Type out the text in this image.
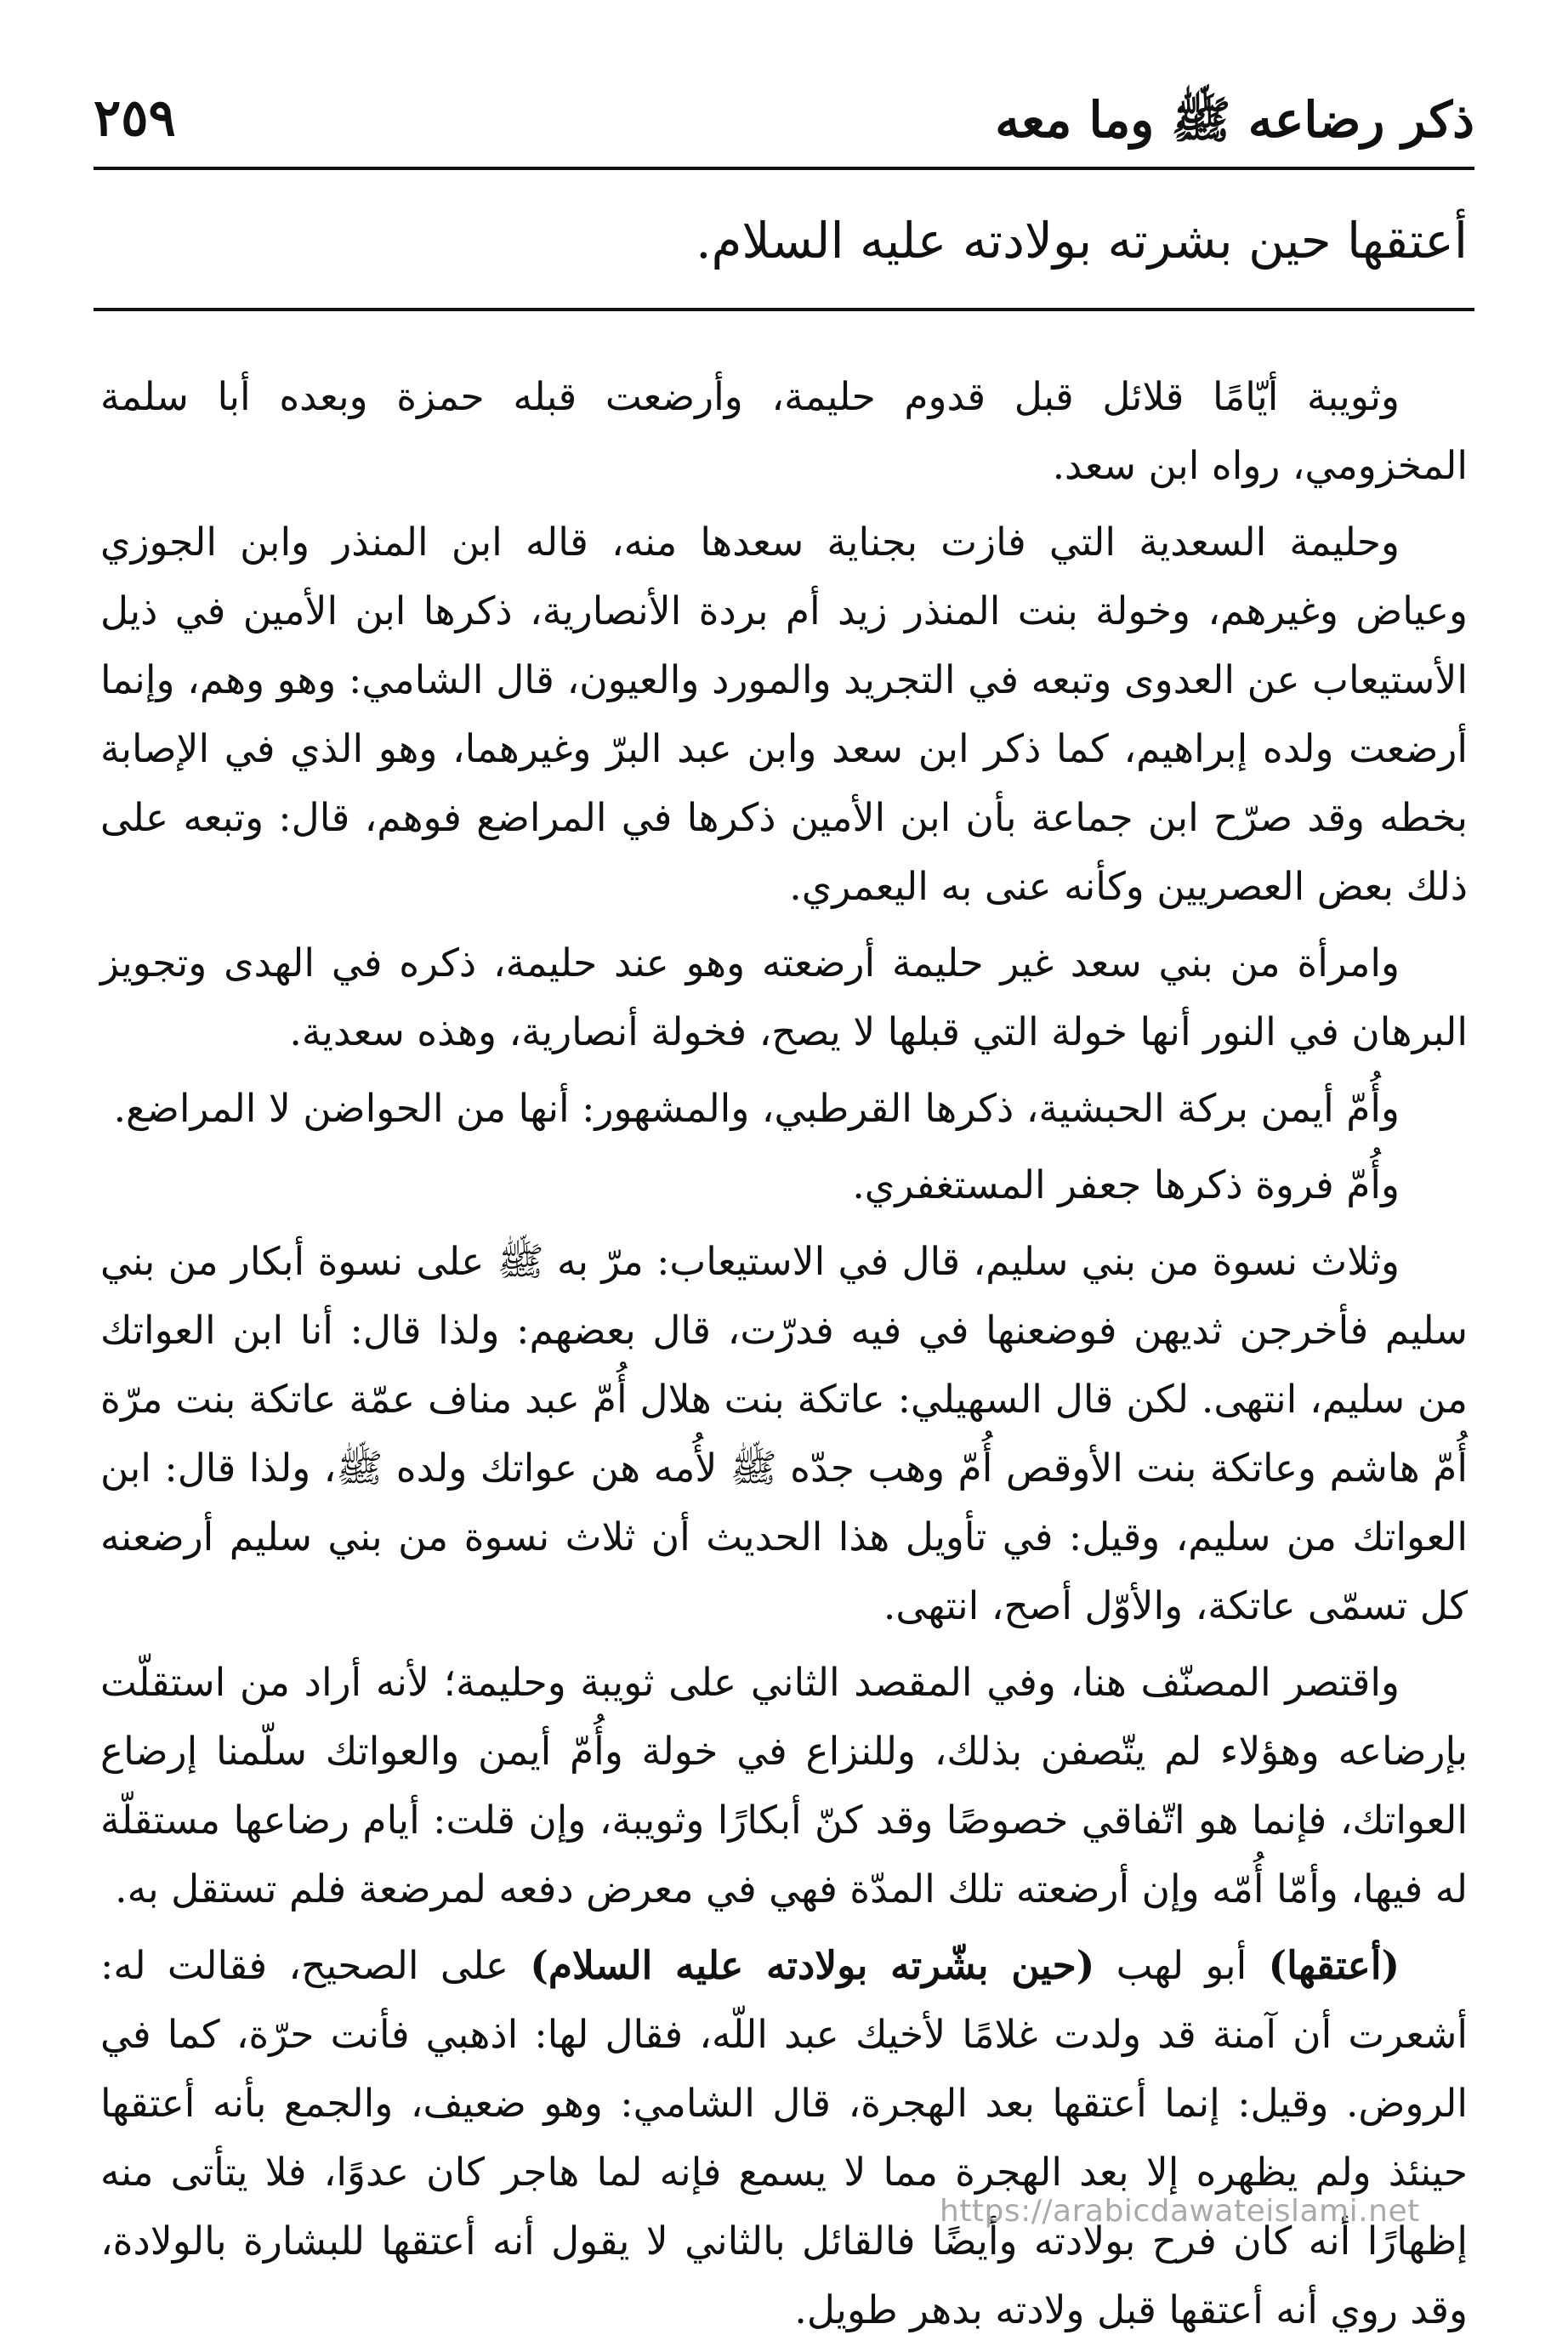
ذكر رضاعه ﷺ وما معه
٢٥٩
أعتقها حين بشرته بولادته عليه السلام.

وثويبة أيّامًا قلائل قبل قدوم حليمة، وأرضعت قبله حمزة وبعده أبا سلمة المخزومي، رواه ابن سعد.

وحليمة السعدية التي فازت بجناية سعدها منه، قاله ابن المنذر وابن الجوزي وعياض وغيرهم، وخولة بنت المنذر زيد أم بردة الأنصارية، ذكرها ابن الأمين في ذيل الأستيعاب عن العدوى وتبعه في التجريد والمورد والعيون، قال الشامي: وهو وهم، وإنما أرضعت ولده إبراهيم، كما ذكر ابن سعد وابن عبد البرّ وغيرهما، وهو الذي في الإصابة بخطه وقد صرّح ابن جماعة بأن ابن الأمين ذكرها في المراضع فوهم، قال: وتبعه على ذلك بعض العصريين وكأنه عنى به اليعمري.

وامرأة من بني سعد غير حليمة أرضعته وهو عند حليمة، ذكره في الهدى وتجويز البرهان في النور أنها خولة التي قبلها لا يصح، فخولة أنصارية، وهذه سعدية.

وأُمّ أيمن بركة الحبشية، ذكرها القرطبي، والمشهور: أنها من الحواضن لا المراضع.

وأُمّ فروة ذكرها جعفر المستغفري.

وثلاث نسوة من بني سليم، قال في الاستيعاب: مرّ به ﷺ على نسوة أبكار من بني سليم فأخرجن ثديهن فوضعنها في فيه فدرّت، قال بعضهم: ولذا قال: أنا ابن العواتك من سليم، انتهى. لكن قال السهيلي: عاتكة بنت هلال أُمّ عبد مناف عمّة عاتكة بنت مرّة أُمّ هاشم وعاتكة بنت الأوقص أُمّ وهب جدّه ﷺ لأُمه هن عواتك ولده ﷺ، ولذا قال: ابن العواتك من سليم، وقيل: في تأويل هذا الحديث أن ثلاث نسوة من بني سليم أرضعنه كل تسمّى عاتكة، والأوّل أصح، انتهى.

واقتصر المصنّف هنا، وفي المقصد الثاني على ثويبة وحليمة؛ لأنه أراد من استقلّت بإرضاعه وهؤلاء لم يتّصفن بذلك، وللنزاع في خولة وأُمّ أيمن والعواتك سلّمنا إرضاع العواتك، فإنما هو اتّفاقي خصوصًا وقد كنّ أبكارًا وثويبة، وإن قلت: أيام رضاعها مستقلّة له فيها، وأمّا أُمّه وإن أرضعته تلك المدّة فهي في معرض دفعه لمرضعة فلم تستقل به.

(أعتقها) أبو لهب (حين بشّرته بولادته عليه السلام) على الصحيح، فقالت له: أشعرت أن آمنة قد ولدت غلامًا لأخيك عبد اللّه، فقال لها: اذهبي فأنت حرّة، كما في الروض. وقيل: إنما أعتقها بعد الهجرة، قال الشامي: وهو ضعيف، والجمع بأنه أعتقها حينئذ ولم يظهره إلا بعد الهجرة مما لا يسمع فإنه لما هاجر كان عدوًا، فلا يتأتى منه إظهارًا أنه كان فرح بولادته وأيضًا فالقائل بالثاني لا يقول أنه أعتقها للبشارة بالولادة، وقد روي أنه أعتقها قبل ولادته بدهر طويل.

https://arabicdawateislami.net
